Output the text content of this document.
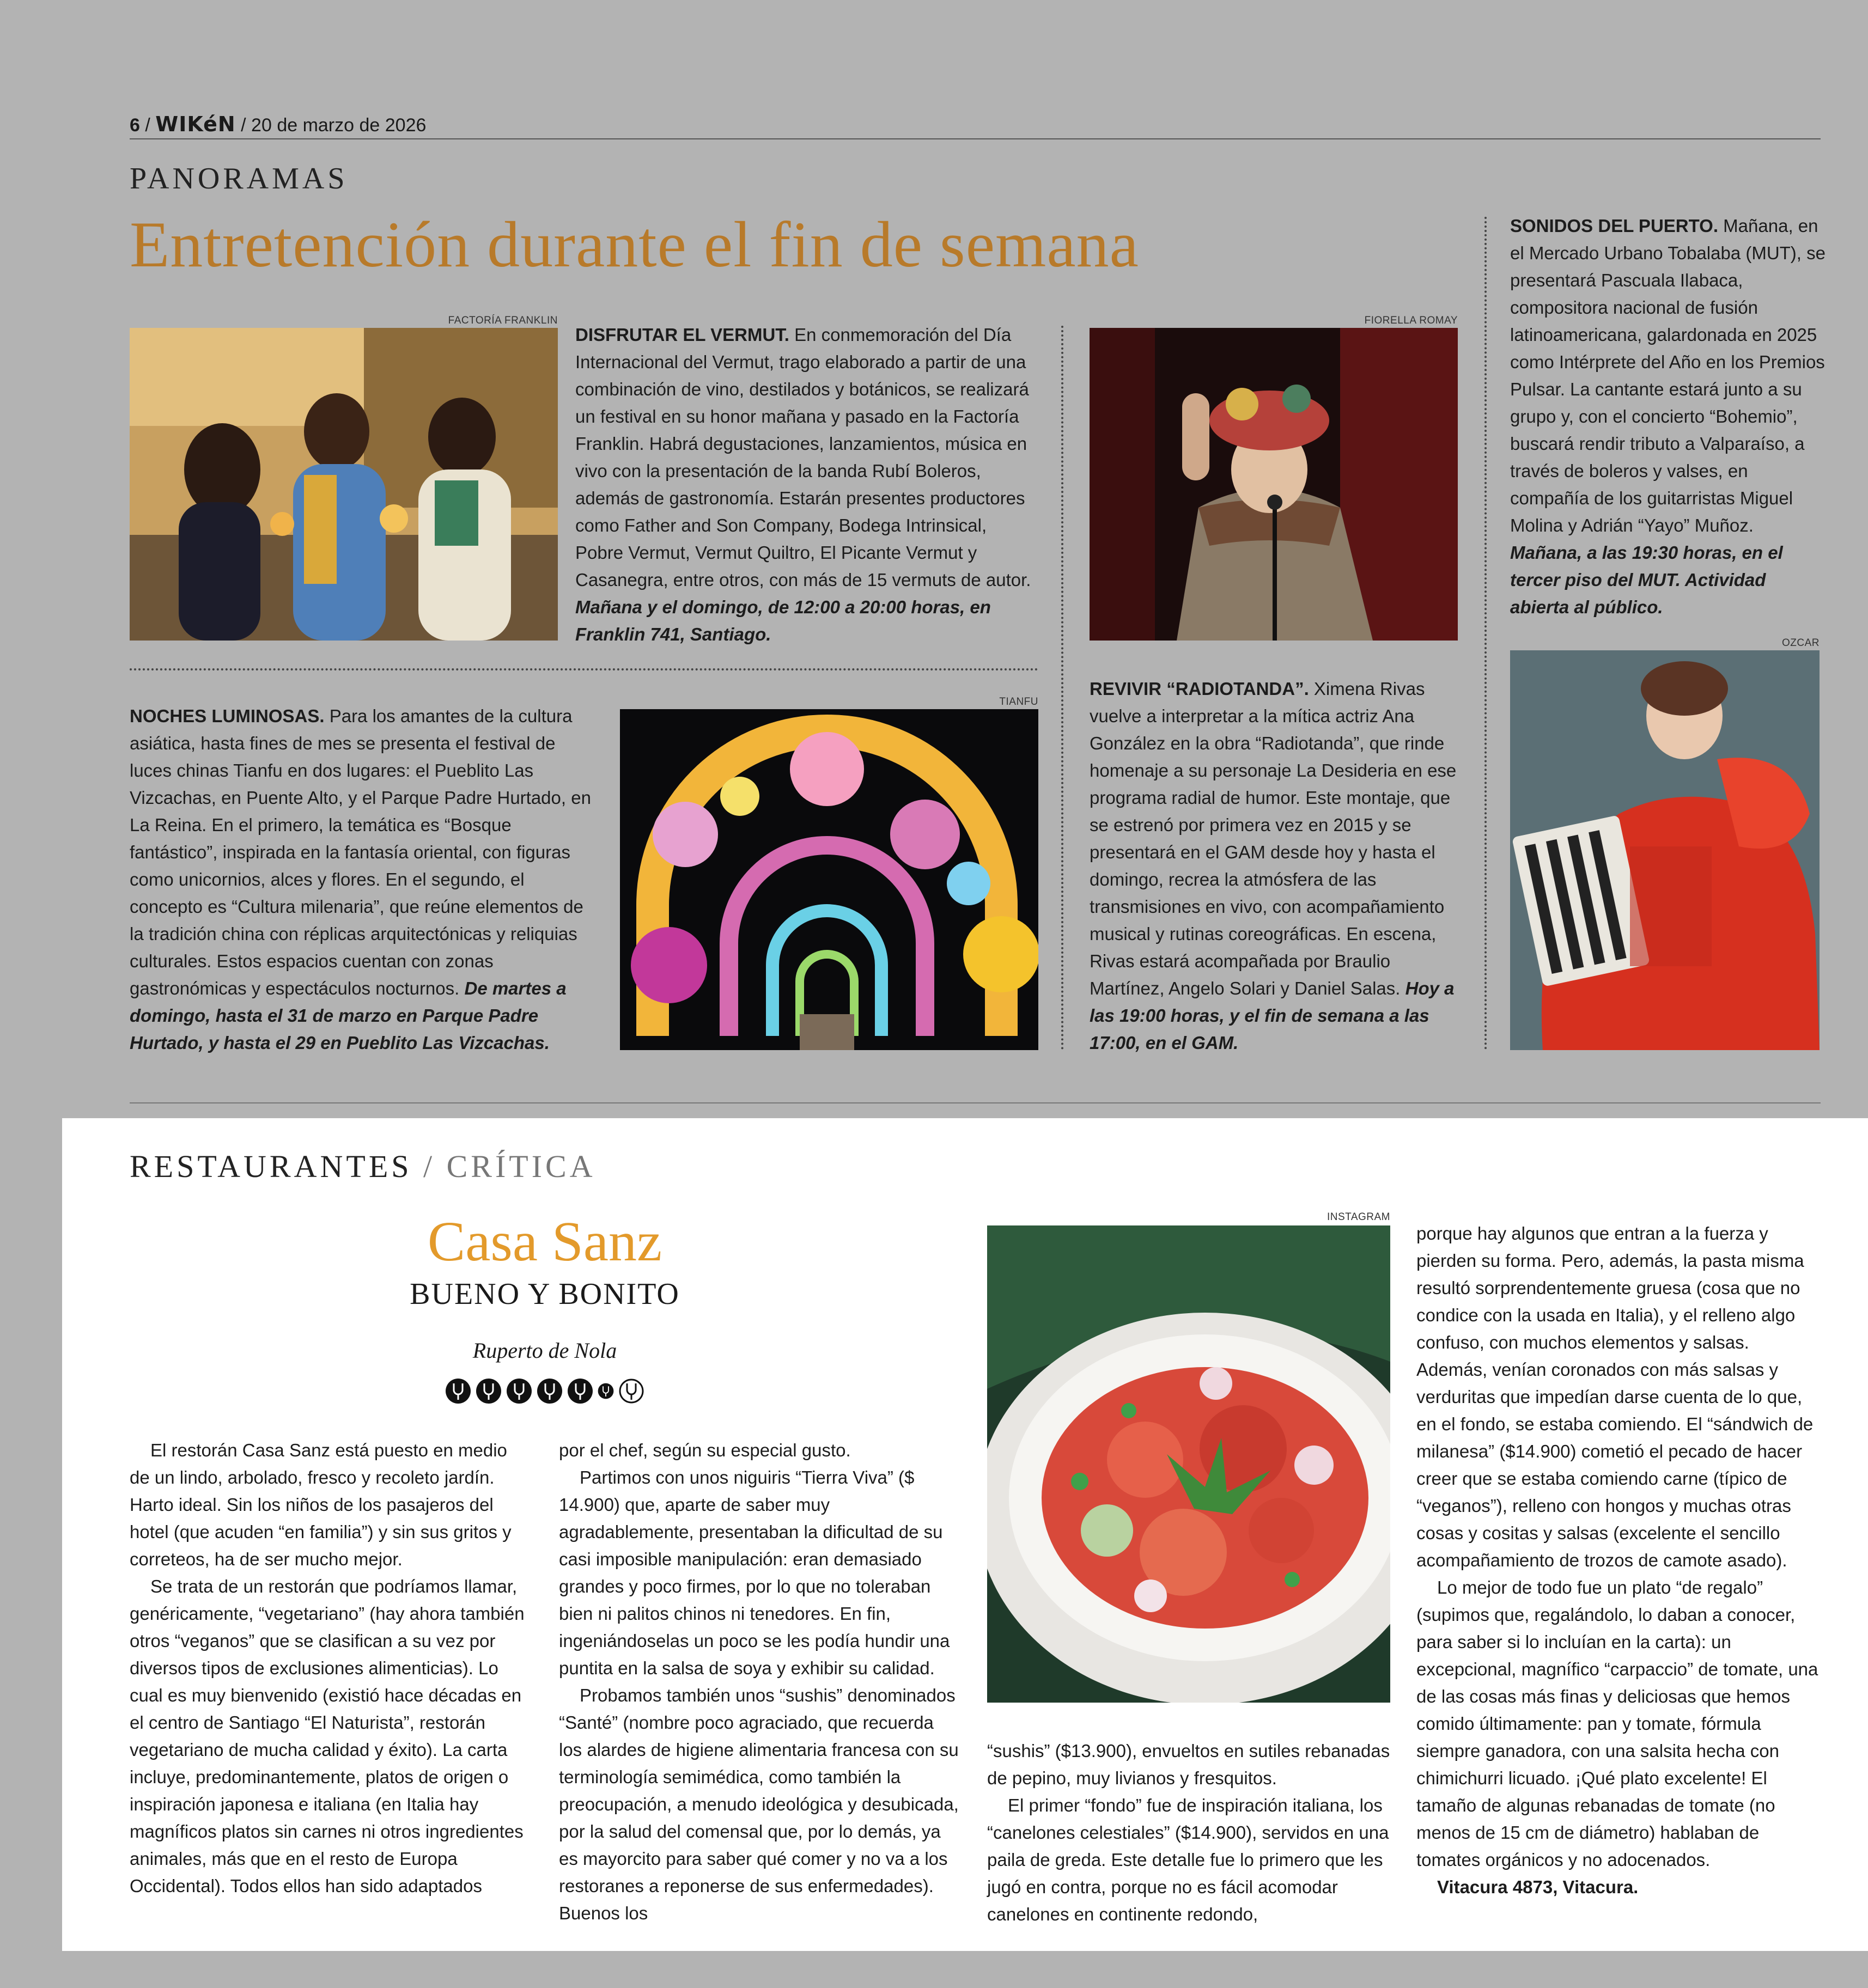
6 / WIKéN / 20 de marzo de 2026
PANORAMAS
Entretención durante el fin de semana
FACTORÍA FRANKLIN
DISFRUTAR EL VERMUT. En conmemoración del Día Internacional del Vermut, trago elaborado a partir de una combinación de vino, destilados y botánicos, se realizará un festival en su honor mañana y pasado en la Factoría Franklin. Habrá degustaciones, lanzamientos, música en vivo con la presentación de la banda Rubí Boleros, además de gastronomía. Estarán presentes productores como Father and Son Company, Bodega Intrinsical, Pobre Vermut, Vermut Quiltro, El Picante Vermut y Casanegra, entre otros, con más de 15 vermuts de autor. Mañana y el domingo, de 12:00 a 20:00 horas, en Franklin 741, Santiago.
NOCHES LUMINOSAS. Para los amantes de la cultura asiática, hasta fines de mes se presenta el festival de luces chinas Tianfu en dos lugares: el Pueblito Las Vizcachas, en Puente Alto, y el Parque Padre Hurtado, en La Reina. En el primero, la temática es “Bosque fantástico”, inspirada en la fantasía oriental, con figuras como unicornios, alces y flores. En el segundo, el concepto es “Cultura milenaria”, que reúne elementos de la tradición china con réplicas arquitectónicas y reliquias culturales. Estos espacios cuentan con zonas gastronómicas y espectáculos nocturnos. De martes a domingo, hasta el 31 de marzo en Parque Padre Hurtado, y hasta el 29 en Pueblito Las Vizcachas.
TIANFU
FIORELLA ROMAY
REVIVIR “RADIOTANDA”. Ximena Rivas vuelve a interpretar a la mítica actriz Ana González en la obra “Radiotanda”, que rinde homenaje a su personaje La Desideria en ese programa radial de humor. Este montaje, que se estrenó por primera vez en 2015 y se presentará en el GAM desde hoy y hasta el domingo, recrea la atmósfera de las transmisiones en vivo, con acompañamiento musical y rutinas coreográficas. En escena, Rivas estará acompañada por Braulio Martínez, Angelo Solari y Daniel Salas. Hoy a las 19:00 horas, y el fin de semana a las 17:00, en el GAM.
SONIDOS DEL PUERTO. Mañana, en el Mercado Urbano Tobalaba (MUT), se presentará Pascuala Ilabaca, compositora nacional de fusión latinoamericana, galardonada en 2025 como Intérprete del Año en los Premios Pulsar. La cantante estará junto a su grupo y, con el concierto “Bohemio”, buscará rendir tributo a Valparaíso, a través de boleros y valses, en compañía de los guitarristas Miguel Molina y Adrián “Yayo” Muñoz. Mañana, a las 19:30 horas, en el tercer piso del MUT. Actividad abierta al público.
OZCAR
RESTAURANTES / CRÍTICA
Casa Sanz
BUENO Y BONITO
Ruperto de Nola

El restorán Casa Sanz está puesto en medio de un lindo, arbolado, fresco y recoleto jardín. Harto ideal. Sin los niños de los pasajeros del hotel (que acuden “en familia”) y sin sus gritos y correteos, ha de ser mucho mejor.

Se trata de un restorán que podríamos llamar, genéricamente, “vegetariano” (hay ahora también otros “veganos” que se clasifican a su vez por diversos tipos de exclusiones alimenticias). Lo cual es muy bienvenido (existió hace décadas en el centro de Santiago “El Naturista”, restorán vegetariano de mucha calidad y éxito). La carta incluye, predominantemente, platos de origen o inspiración japonesa e italiana (en Italia hay magníficos platos sin carnes ni otros ingredientes animales, más que en el resto de Europa Occidental). Todos ellos han sido adaptados

por el chef, según su especial gusto.

Partimos con unos niguiris “Tierra Viva” ($ 14.900) que, aparte de saber muy agradablemente, presentaban la dificultad de su casi imposible manipulación: eran demasiado grandes y poco firmes, por lo que no toleraban bien ni palitos chinos ni tenedores. En fin, ingeniándoselas un poco se les podía hundir una puntita en la salsa de soya y exhibir su calidad.

Probamos también unos “sushis” denominados “Santé” (nombre poco agraciado, que recuerda los alardes de higiene alimentaria francesa con su terminología semimédica, como también la preocupación, a menudo ideológica y desubicada, por la salud del comensal que, por lo demás, ya es mayorcito para saber qué comer y no va a los restoranes a reponerse de sus enfermedades). Buenos los

INSTAGRAM

“sushis” ($13.900), envueltos en sutiles rebanadas de pepino, muy livianos y fresquitos.

El primer “fondo” fue de inspiración italiana, los “canelones celestiales” ($14.900), servidos en una paila de greda. Este detalle fue lo primero que les jugó en contra, porque no es fácil acomodar canelones en continente redondo,

porque hay algunos que entran a la fuerza y pierden su forma. Pero, además, la pasta misma resultó sorprendentemente gruesa (cosa que no condice con la usada en Italia), y el relleno algo confuso, con muchos elementos y salsas. Además, venían coronados con más salsas y verduritas que impedían darse cuenta de lo que, en el fondo, se estaba comiendo. El “sándwich de milanesa” ($14.900) cometió el pecado de hacer creer que se estaba comiendo carne (típico de “veganos”), relleno con hongos y muchas otras cosas y cositas y salsas (excelente el sencillo acompañamiento de trozos de camote asado).

Lo mejor de todo fue un plato “de regalo” (supimos que, regalándolo, lo daban a conocer, para saber si lo incluían en la carta): un excepcional, magnífico “carpaccio” de tomate, una de las cosas más finas y deliciosas que hemos comido últimamente: pan y tomate, fórmula siempre ganadora, con una salsita hecha con chimichurri licuado. ¡Qué plato excelente! El tamaño de algunas rebanadas de tomate (no menos de 15 cm de diámetro) hablaban de tomates orgánicos y no adocenados.

Vitacura 4873, Vitacura.
